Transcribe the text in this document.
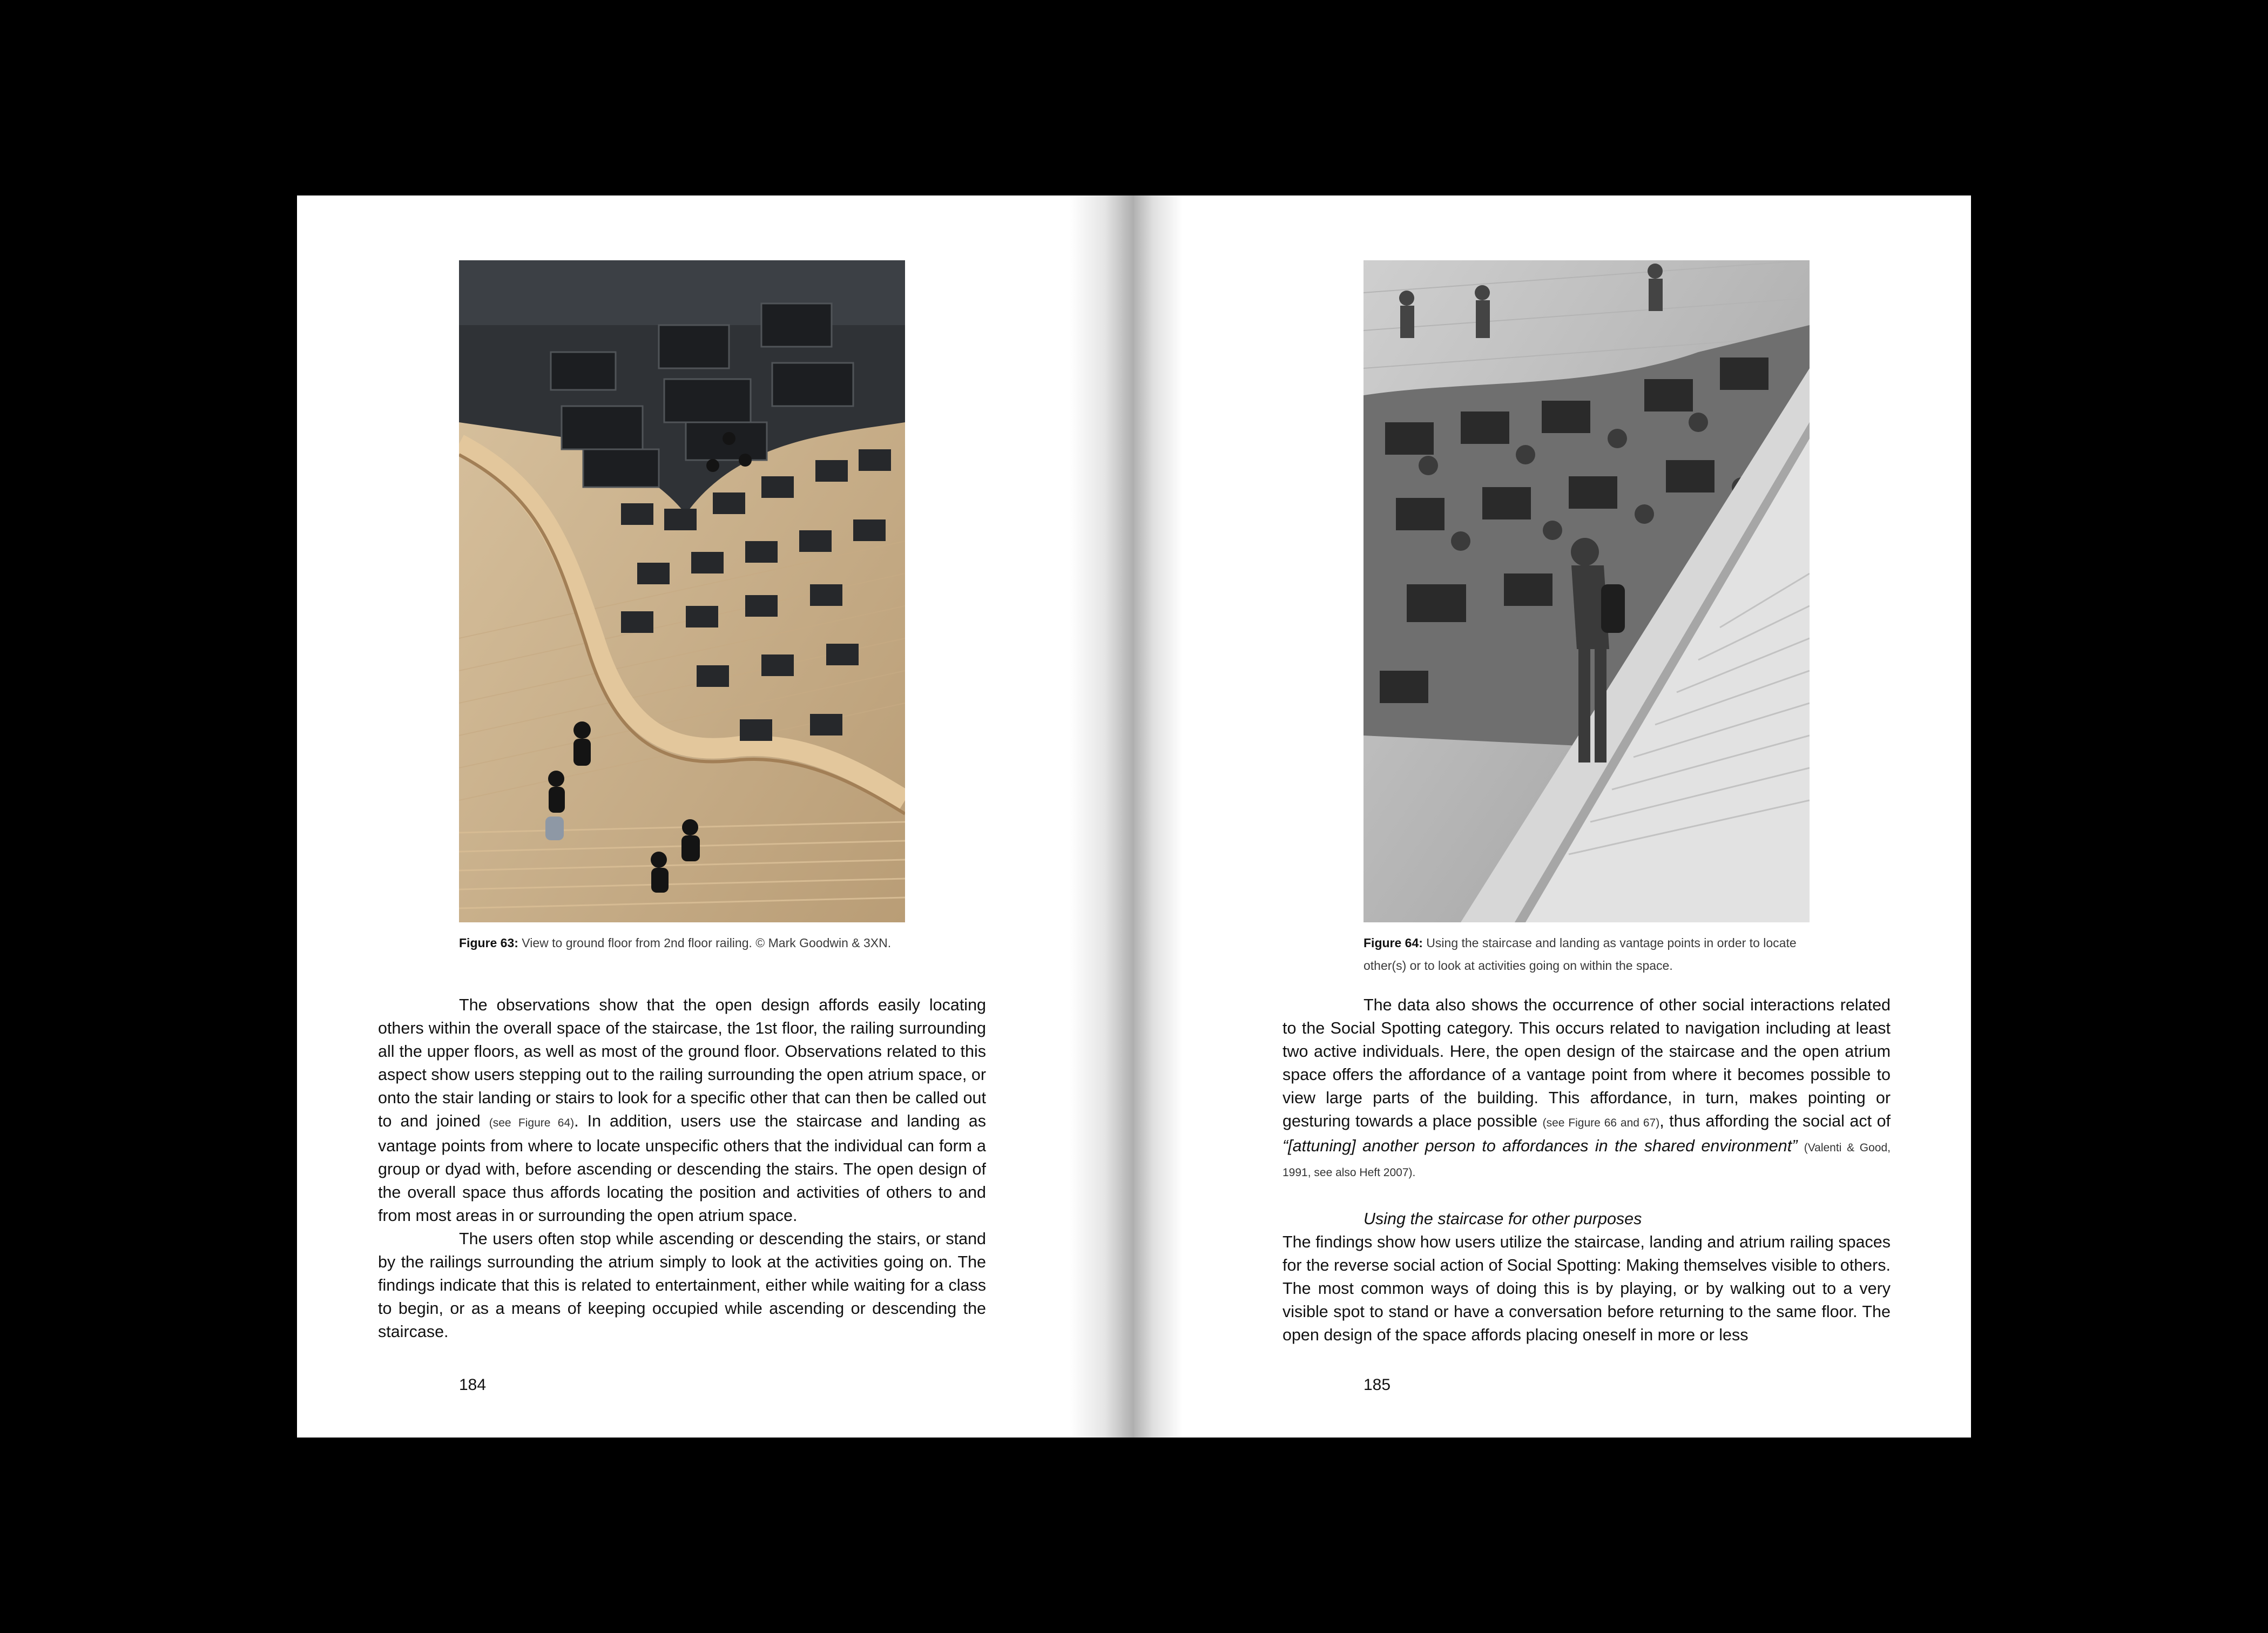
Figure 63: View to ground floor from 2nd floor railing. © Mark Goodwin & 3XN.

The observations show that the open design affords easily locating others within the overall space of the staircase, the 1st floor, the railing surrounding all the upper floors, as well as most of the ground floor. Observations related to this aspect show users stepping out to the railing surrounding the open atrium space, or onto the stair landing or stairs to look for a specific other that can then be called out to and joined (see Figure 64). In addition, users use the staircase and landing as vantage points from where to locate unspecific others that the individual can form a group or dyad with, before ascending or descending the stairs. The open design of the overall space thus affords locating the position and activities of others to and from most areas in or surrounding the open atrium space.

The users often stop while ascending or descending the stairs, or stand by the railings surrounding the atrium simply to look at the activities going on. The findings indicate that this is related to entertainment, either while waiting for a class to begin, or as a means of keeping occupied while ascending or descending the staircase.

184
Figure 64: Using the staircase and landing as vantage points in order to locate other(s) or to look at activities going on within the space.

The data also shows the occurrence of other social interactions related to the Social Spotting category. This occurs related to navigation including at least two active individuals. Here, the open design of the staircase and the open atrium space offers the affordance of a vantage point from where it becomes possible to view large parts of the building. This affordance, in turn, makes pointing or gesturing towards a place possible (see Figure 66 and 67), thus affording the social act of “[attuning] another person to affordances in the shared environment” (Valenti & Good, 1991, see also Heft 2007).

Using the staircase for other purposes

The findings show how users utilize the staircase, landing and atrium railing spaces for the reverse social action of Social Spotting: Making themselves visible to others. The most common ways of doing this is by playing, or by walking out to a very visible spot to stand or have a conversation before returning to the same floor. The open design of the space affords placing oneself in more or less

185
